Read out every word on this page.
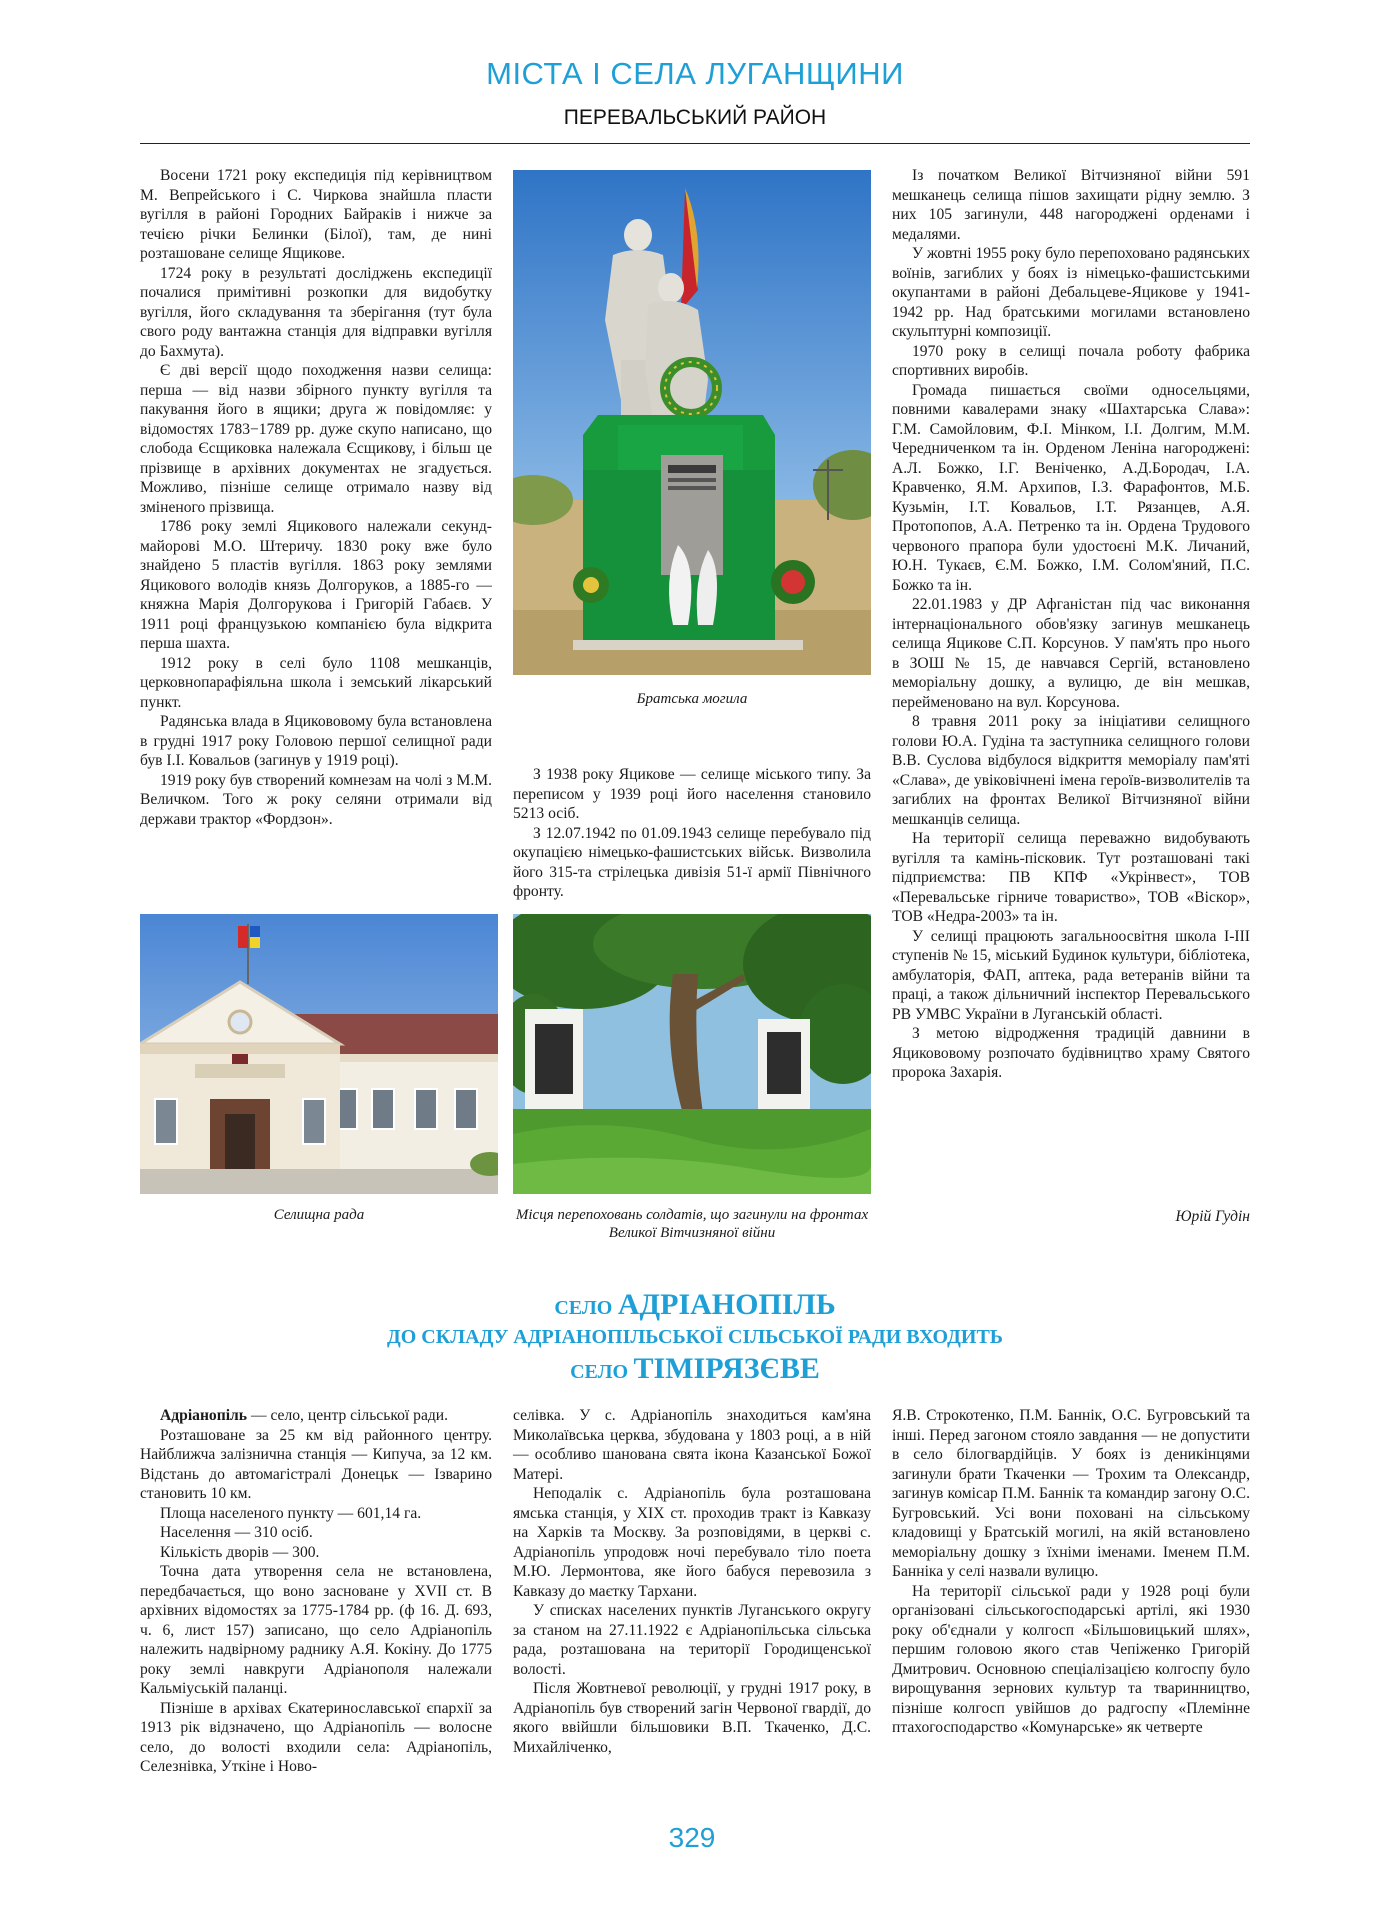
МІСТА І СЕЛА ЛУГАНЩИНИ
ПЕРЕВАЛЬСЬКИЙ РАЙОН

Восени 1721 року експедиція під керівництвом М. Вепрейського і С. Чиркова знайшла пласти вугілля в районі Городних Байраків і нижче за течією річки Белинки (Білої), там, де нині розташоване селище Ящикове.

1724 року в результаті досліджень експедиції почалися примітивні розкопки для видобутку вугілля, його складування та зберігання (тут була свого роду вантажна станція для відправки вугілля до Бахмута).

Є дві версії щодо походження назви селища: перша — від назви збірного пункту вугілля та пакування його в ящики; друга ж повідомляє: у відомостях 1783−1789 рр. дуже скупо написано, що слобода Єсщиковка належала Єсщикову, і більш це прізвище в архівних документах не згадується. Можливо, пізніше селище отримало назву від зміненого прізвища.

1786 року землі Яцикового належали секунд-майорові М.О. Штеричу. 1830 року вже було знайдено 5 пластів вугілля. 1863 року землями Яцикового володів князь Долгоруков, а 1885-го — княжна Марія Долгорукова і Григорій Габаєв. У 1911 році французькою компанією була відкрита перша шахта.

1912 року в селі було 1108 мешканців, церковнопарафіяльна школа і земський лікарський пункт.

Радянська влада в Яцикововому була встановлена в грудні 1917 року Головою першої селищної ради був І.І. Ковальов (загинув у 1919 році).

1919 року був створений комнезам на чолі з М.М. Величком. Того ж року селяни отримали від держави трактор «Фордзон».

Братська могила

З 1938 року Яцикове — селище міського типу. За переписом у 1939 році його населення становило 5213 осіб.

З 12.07.1942 по 01.09.1943 селище перебувало під окупацією німецько-фашистських військ. Визволила його 315-та стрілецька дивізія 51-ї армії Північного фронту.

Із початком Великої Вітчизняної війни 591 мешканець селища пішов захищати рідну землю. З них 105 загинули, 448 нагороджені орденами і медалями.

У жовтні 1955 року було перепоховано радянських воїнів, загиблих у боях із німецько-фашистськими окупантами в районі Дебальцеве-Яцикове у 1941-1942 рр. Над братськими могилами встановлено скульптурні композиції.

1970 року в селищі почала роботу фабрика спортивних виробів.

Громада пишається своїми односельцями, повними кавалерами знаку «Шахтарська Слава»: Г.М. Самойловим, Ф.І. Мінком, І.І. Долгим, М.М. Чередниченком та ін. Орденом Леніна нагороджені: А.Л. Божко, І.Г. Веніченко, А.Д.Бородач, І.А. Кравченко, Я.М. Архипов, І.З. Фарафонтов, М.Б. Кузьмін, І.Т. Ковальов, І.Т. Рязанцев, А.Я. Протопопов, А.А. Петренко та ін. Ордена Трудового червоного прапора були удостоєні М.К. Личаний, Ю.Н. Тукаєв, Є.М. Божко, І.М. Солом'яний, П.С. Божко та ін.

22.01.1983 у ДР Афганістан під час виконання інтернаціонального обов'язку загинув мешканець селища Яцикове С.П. Корсунов. У пам'ять про нього в ЗОШ № 15, де навчався Сергій, встановлено меморіальну дошку, а вулицю, де він мешкав, перейменовано на вул. Корсунова.

8 травня 2011 року за ініціативи селищного голови Ю.А. Гудіна та заступника селищного голови В.В. Суслова відбулося відкриття меморіалу пам'яті «Слава», де увіковічнені імена героїв-визволителів та загиблих на фронтах Великої Вітчизняної війни мешканців селища.

На території селища переважно видобувають вугілля та камінь-пісковик. Тут розташовані такі підприємства: ПВ КПФ «Укрінвест», ТОВ «Перевальське гірниче товариство», ТОВ «Віскор», ТОВ «Недра-2003» та ін.

У селищі працюють загальноосвітня школа І-ІІІ ступенів № 15, міський Будинок культури, бібліотека, амбулаторія, ФАП, аптека, рада ветеранів війни та праці, а також дільничний інспектор Перевальського РВ УМВС України в Луганській області.

З метою відродження традицій давнини в Яцикововому розпочато будівництво храму Святого пророка Захарія.

Юрій Гудін
Селищна рада	Місця перепоховань солдатів, що загинули на фронтах Великої Вітчизняної війни
СЕЛО АДРІАНОПІЛЬ
ДО СКЛАДУ АДРІАНОПІЛЬСЬКОЇ СІЛЬСЬКОЇ РАДИ ВХОДИТЬ
СЕЛО ТІМІРЯЗЄВЕ

Адріанопіль — село, центр сільської ради.

Розташоване за 25 км від районного центру. Найближча залізнична станція — Кипуча, за 12 км. Відстань до автомагістралі Донецьк — Ізварино становить 10 км.

Площа населеного пункту — 601,14 га.

Населення — 310 осіб.

Кількість дворів — 300.

Точна дата утворення села не встановлена, передбачається, що воно засноване у XVII ст. В архівних відомостях за 1775-1784 рр. (ф 16. Д. 693, ч. 6, лист 157) записано, що село Адріанопіль належить надвірному раднику А.Я. Кокіну. До 1775 року землі навкруги Адріанополя належали Кальміуській паланці.

Пізніше в архівах Єкатеринославської єпархії за 1913 рік відзначено, що Адріанопіль — волосне село, до волості входили села: Адріанопіль, Селезнівка, Уткіне і Ново-

селівка. У с. Адріанопіль знаходиться кам'яна Миколаївська церква, збудована у 1803 році, а в ній — особливо шанована свята ікона Казанської Божої Матері.

Неподалік с. Адріанопіль була розташована ямська станція, у XIX ст. проходив тракт із Кавказу на Харків та Москву. За розповідями, в церкві с. Адріанопіль упродовж ночі перебувало тіло поета М.Ю. Лермонтова, яке його бабуся перевозила з Кавказу до маєтку Тархани.

У списках населених пунктів Луганського округу за станом на 27.11.1922 є Адріанопільська сільська рада, розташована на території Городищенської волості.

Після Жовтневої революції, у грудні 1917 року, в Адріанопіль був створений загін Червоної гвардії, до якого ввійшли більшовики В.П. Ткаченко, Д.С. Михайліченко,

Я.В. Строкотенко, П.М. Баннік, О.С. Бугровський та інші. Перед загоном стояло завдання — не допустити в село білогвардійців. У боях із деникінцями загинули брати Ткаченки — Трохим та Олександр, загинув комісар П.М. Баннік та командир загону О.С. Бугровський. Усі вони поховані на сільському кладовищі у Братській могилі, на якій встановлено меморіальну дошку з їхніми іменами. Іменем П.М. Банніка у селі назвали вулицю.

На території сільської ради у 1928 році були організовані сільськогосподарські артілі, які 1930 року об'єднали у колгосп «Більшовицький шлях», першим головою якого став Чепіженко Григорій Дмитрович. Основною спеціалізацією колгоспу було вирощування зернових культур та тваринництво, пізніше колгосп увійшов до радгоспу «Племінне птахогосподарство «Комунарське» як четверте

329
